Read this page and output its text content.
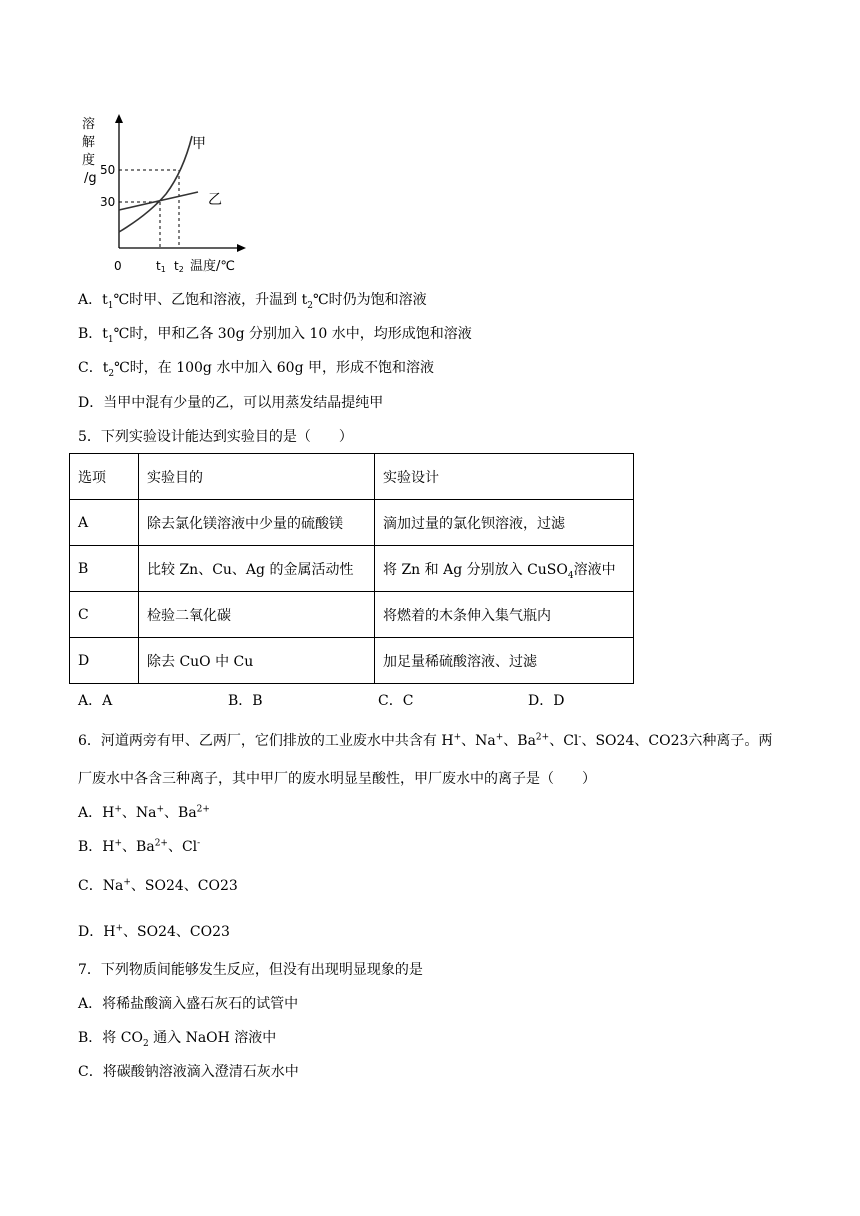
溶
解
度
/g
50
30
0	t1 t2 温度/℃
甲
乙
A．$t_1℃$时甲、乙饱和溶液，升温到 $t_2℃$时仍为饱和溶液
B．$t_1℃$时，甲和乙各 30g 分别加入 10 水中，均形成饱和溶液
C．$t_2℃$时，在 100g 水中加入 60g 甲，形成不饱和溶液
D．当甲中混有少量的乙，可以用蒸发结晶提纯甲
5．下列实验设计能达到实验目的是（　　）
选项	实验目的	实验设计
A	除去氯化镁溶液中少量的硫酸镁	滴加过量的氯化钡溶液，过滤
B	比较 Zn、Cu、Ag 的金属活动性	将 Zn 和 Ag 分别放入 CuSO$_4$溶液中
C	检验二氧化碳	将燃着的木条伸入集气瓶内
D	除去 CuO 中 Cu	加足量稀硫酸溶液、过滤
A．A	B．B	C．C	D．D
6．河道两旁有甲、乙两厂，它们排放的工业废水中共含有 H+、Na+、$Ba^{2+}$、Cl-、SO24、CO23六种离子。两
厂废水中各含三种离子，其中甲厂的废水明显呈酸性，甲厂废水中的离子是（　　）
A．H+、Na+、$Ba^{2+}$
B．H+、$Ba^{2+}$、Cl-
C．Na+、SO24、CO23
D．H+、SO24、CO23
7．下列物质间能够发生反应，但没有出现明显现象的是
A．将稀盐酸滴入盛石灰石的试管中
B．将 $CO_2$ 通入 NaOH 溶液中
C．将碳酸钠溶液滴入澄清石灰水中
